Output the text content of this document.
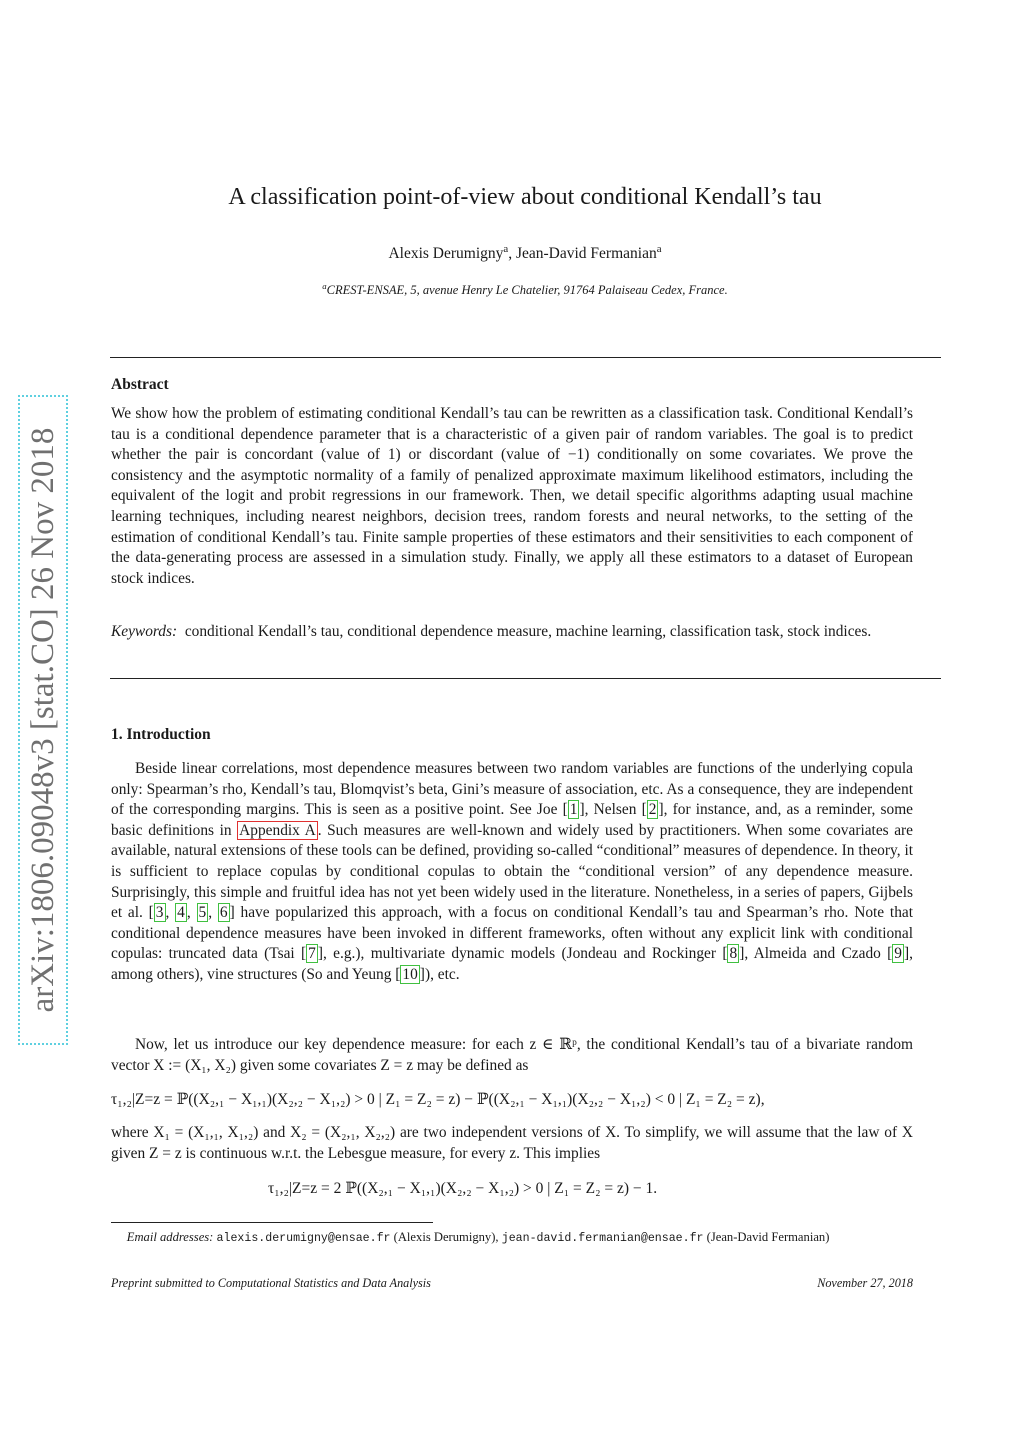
arXiv:1806.09048v3 [stat.CO] 26 Nov 2018
A classification point-of-view about conditional Kendall’s tau
Alexis Derumigny$^a$, Jean-David Fermanian$^a$
$^a$CREST-ENSAE, 5, avenue Henry Le Chatelier, 91764 Palaiseau Cedex, France.
Abstract
We show how the problem of estimating conditional Kendall’s tau can be rewritten as a classification task. Conditional Kendall’s tau is a conditional dependence parameter that is a characteristic of a given pair of random variables. The goal is to predict whether the pair is concordant (value of 1) or discordant (value of −1) conditionally on some covariates. We prove the consistency and the asymptotic normality of a family of penalized approximate maximum likelihood estimators, including the equivalent of the logit and probit regressions in our framework. Then, we detail specific algorithms adapting usual machine learning techniques, including nearest neighbors, decision trees, random forests and neural networks, to the setting of the estimation of conditional Kendall’s tau. Finite sample properties of these estimators and their sensitivities to each component of the data-generating process are assessed in a simulation study. Finally, we apply all these estimators to a dataset of European stock indices.
Keywords: conditional Kendall’s tau, conditional dependence measure, machine learning, classification task, stock indices.
1. Introduction
Beside linear correlations, most dependence measures between two random variables are functions of the underlying copula only: Spearman’s rho, Kendall’s tau, Blomqvist’s beta, Gini’s measure of association, etc. As a consequence, they are independent of the corresponding margins. This is seen as a positive point. See Joe [ 1 ], Nelsen [ 2 ], for instance, and, as a reminder, some basic definitions in Appendix A . Such measures are well-known and widely used by practitioners. When some covariates are available, natural extensions of these tools can be defined, providing so-called “conditional” measures of dependence. In theory, it is sufficient to replace copulas by conditional copulas to obtain the “conditional version” of any dependence measure. Surprisingly, this simple and fruitful idea has not yet been widely used in the literature. Nonetheless, in a series of papers, Gijbels et al. [ 3 , 4 , 5 , 6 ] have popularized this approach, with a focus on conditional Kendall’s tau and Spearman’s rho. Note that conditional dependence measures have been invoked in different frameworks, often without any explicit link with conditional copulas: truncated data (Tsai [ 7 ], e.g.), multivariate dynamic models (Jondeau and Rockinger [ 8 ], Almeida and Czado [ 9 ], among others), vine structures (So and Yeung [ 10 ]), etc.
Now, let us introduce our key dependence measure: for each z ∈ ℝᵖ, the conditional Kendall’s tau of a bivariate random vector X := (X₁, X₂) given some covariates Z = z may be defined as
τ₁,₂|Z=z = ℙ((X₂,₁ − X₁,₁)(X₂,₂ − X₁,₂) > 0 | Z₁ = Z₂ = z) − ℙ((X₂,₁ − X₁,₁)(X₂,₂ − X₁,₂) < 0 | Z₁ = Z₂ = z),
where X₁ = (X₁,₁, X₁,₂) and X₂ = (X₂,₁, X₂,₂) are two independent versions of X. To simplify, we will assume that the law of X given Z = z is continuous w.r.t. the Lebesgue measure, for every z. This implies
τ₁,₂|Z=z = 2 ℙ((X₂,₁ − X₁,₁)(X₂,₂ − X₁,₂) > 0 | Z₁ = Z₂ = z) − 1.
Email addresses: alexis.derumigny@ensae.fr (Alexis Derumigny), jean-david.fermanian@ensae.fr (Jean-David Fermanian)
Preprint submitted to Computational Statistics and Data Analysis	November 27, 2018
